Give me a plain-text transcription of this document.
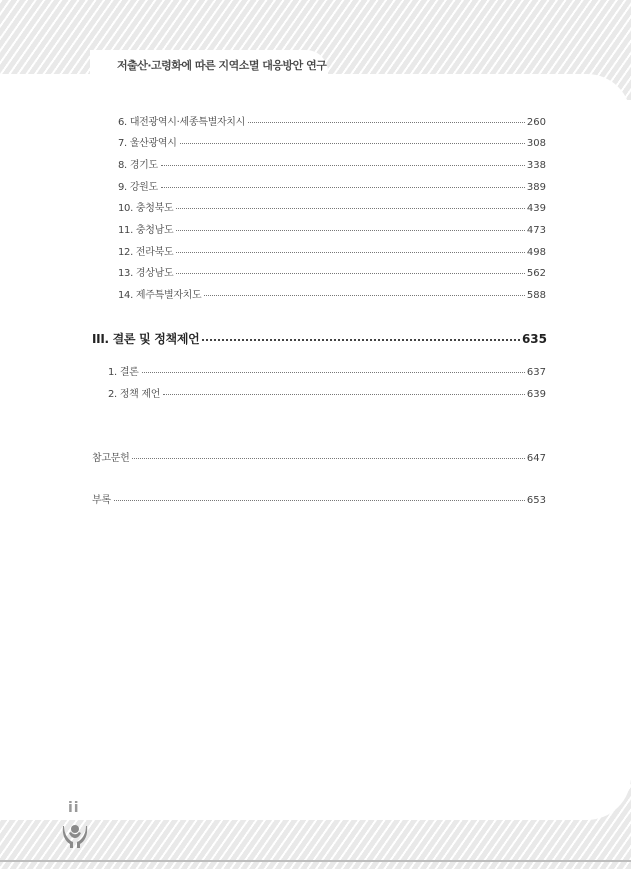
저출산·고령화에 따른 지역소멸 대응방안 연구
6. 대전광역시·세종특별자치시	260
7. 울산광역시	308
8. 경기도	338
9. 강원도	389
10. 충청북도	439
11. 충청남도	473
12. 전라북도	498
13. 경상남도	562
14. 제주특별자치도	588
III. 결론 및 정책제언	635
1. 결론	637
2. 정책 제언	639
참고문헌	647
부록	653
ii
